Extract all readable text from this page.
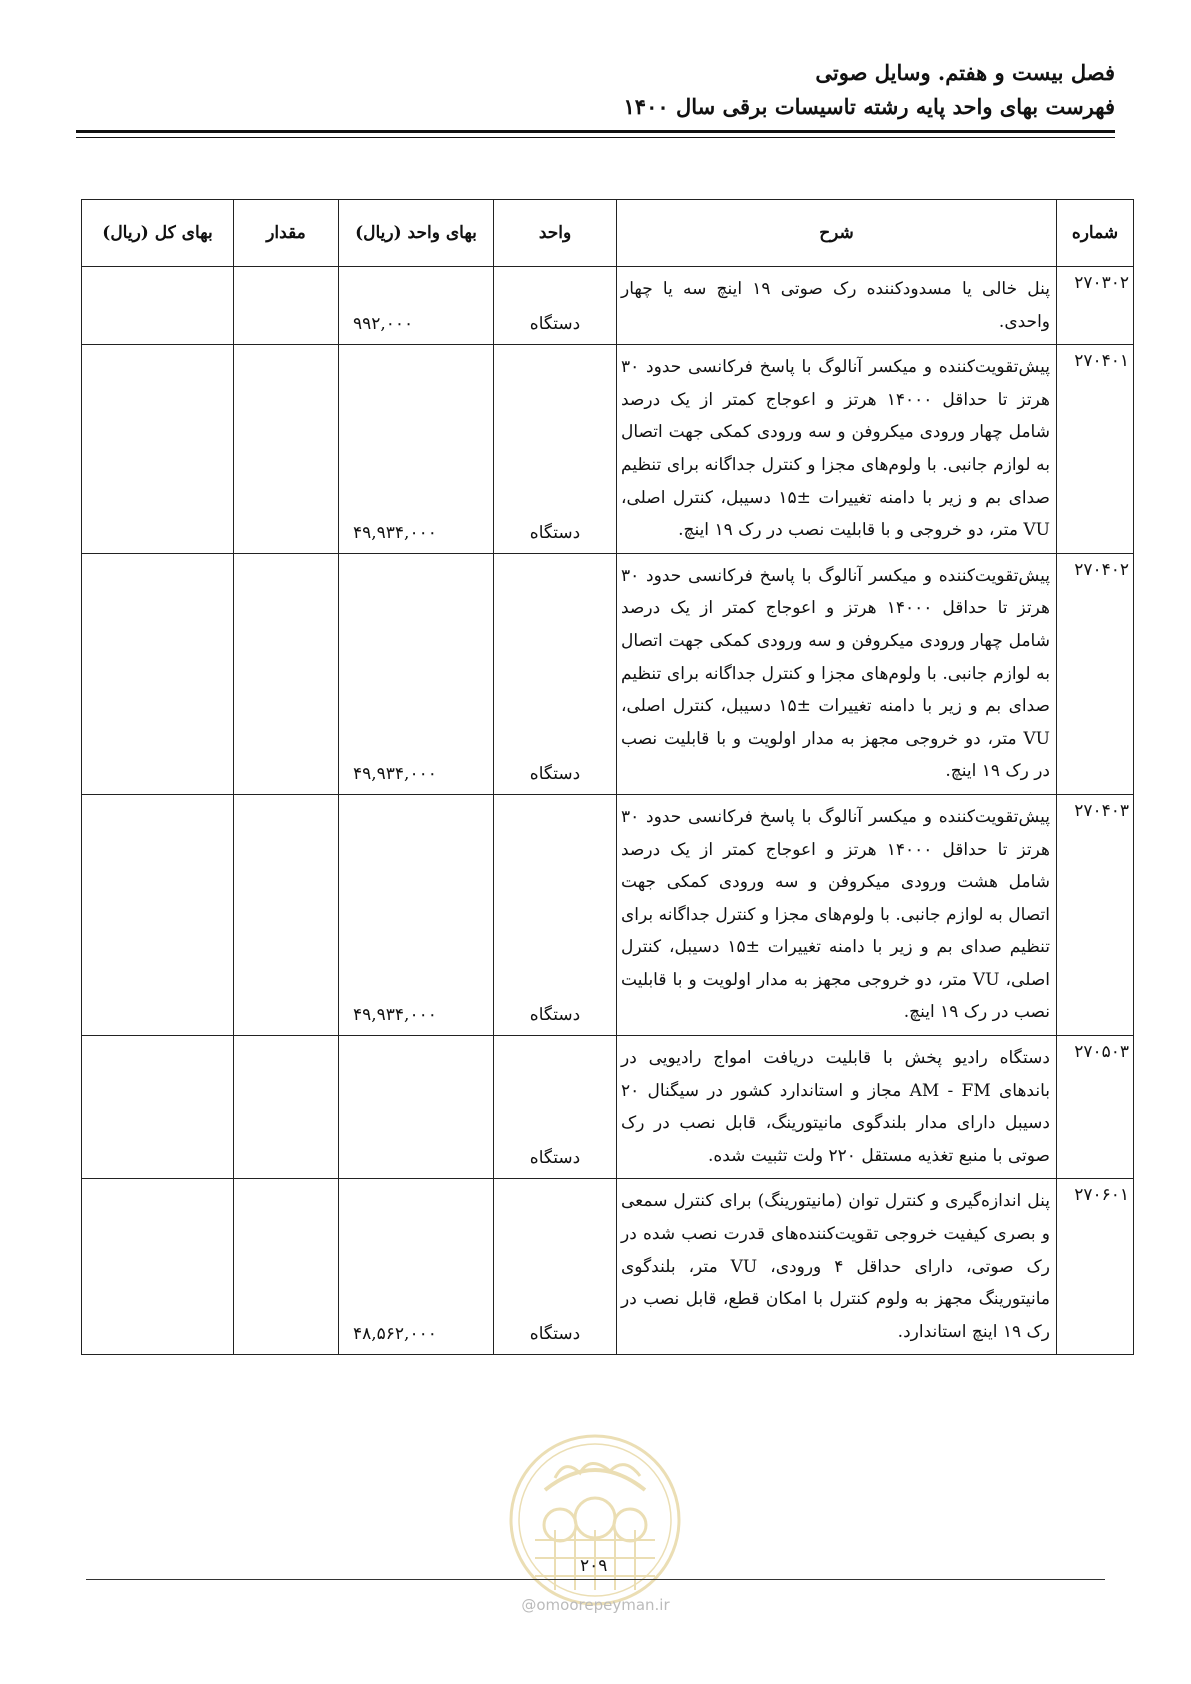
فصل بیست و هفتم. وسایل صوتی
فهرست بهای واحد پایه رشته تاسیسات برقی سال ۱۴۰۰
شماره	شرح	واحد	بهای واحد (ریال)	مقدار	بهای کل (ریال)
۲۷۰۳۰۲	پنل خالی یا مسدودکننده رک صوتی ۱۹ اینچ سه یا چهار واحدی.	دستگاه	۹۹۲,۰۰۰		
۲۷۰۴۰۱	پیش‌تقویت‌کننده و میکسر آنالوگ با پاسخ فرکانسی حدود ۳۰ هرتز تا حداقل ۱۴۰۰۰ هرتز و اعوجاج کمتر از یک درصد شامل چهار ورودی میکروفن و سه ورودی کمکی جهت اتصال به لوازم جانبی. با ولوم‌های مجزا و کنترل جداگانه برای تنظیم صدای بم و زیر با دامنه تغییرات ±۱۵ دسیبل، کنترل اصلی، VU متر، دو خروجی و با قابلیت نصب در رک ۱۹ اینچ.	دستگاه	۴۹,۹۳۴,۰۰۰		
۲۷۰۴۰۲	پیش‌تقویت‌کننده و میکسر آنالوگ با پاسخ فرکانسی حدود ۳۰ هرتز تا حداقل ۱۴۰۰۰ هرتز و اعوجاج کمتر از یک درصد شامل چهار ورودی میکروفن و سه ورودی کمکی جهت اتصال به لوازم جانبی. با ولوم‌های مجزا و کنترل جداگانه برای تنظیم صدای بم و زیر با دامنه تغییرات ±۱۵ دسیبل، کنترل اصلی، VU متر، دو خروجی مجهز به مدار اولویت و با قابلیت نصب در رک ۱۹ اینچ.	دستگاه	۴۹,۹۳۴,۰۰۰		
۲۷۰۴۰۳	پیش‌تقویت‌کننده و میکسر آنالوگ با پاسخ فرکانسی حدود ۳۰ هرتز تا حداقل ۱۴۰۰۰ هرتز و اعوجاج کمتر از یک درصد شامل هشت ورودی میکروفن و سه ورودی کمکی جهت اتصال به لوازم جانبی. با ولوم‌های مجزا و کنترل جداگانه برای تنظیم صدای بم و زیر با دامنه تغییرات ±۱۵ دسیبل، کنترل اصلی، VU متر، دو خروجی مجهز به مدار اولویت و با قابلیت نصب در رک ۱۹ اینچ.	دستگاه	۴۹,۹۳۴,۰۰۰		
۲۷۰۵۰۳	دستگاه رادیو پخش با قابلیت دریافت امواج رادیویی در باندهای AM - FM مجاز و استاندارد کشور در سیگنال ۲۰ دسیبل دارای مدار بلندگوی مانیتورینگ، قابل نصب در رک صوتی با منبع تغذیه مستقل ۲۲۰ ولت تثبیت شده.	دستگاه			
۲۷۰۶۰۱	پنل اندازه‌گیری و کنترل توان (مانیتورینگ) برای کنترل سمعی و بصری کیفیت خروجی تقویت‌کننده‌های قدرت نصب شده در رک صوتی، دارای حداقل ۴ ورودی، VU متر، بلندگوی مانیتورینگ مجهز به ولوم کنترل با امکان قطع، قابل نصب در رک ۱۹ اینچ استاندارد.	دستگاه	۴۸,۵۶۲,۰۰۰		
۲۰۹
@omoorepeyman.ir
